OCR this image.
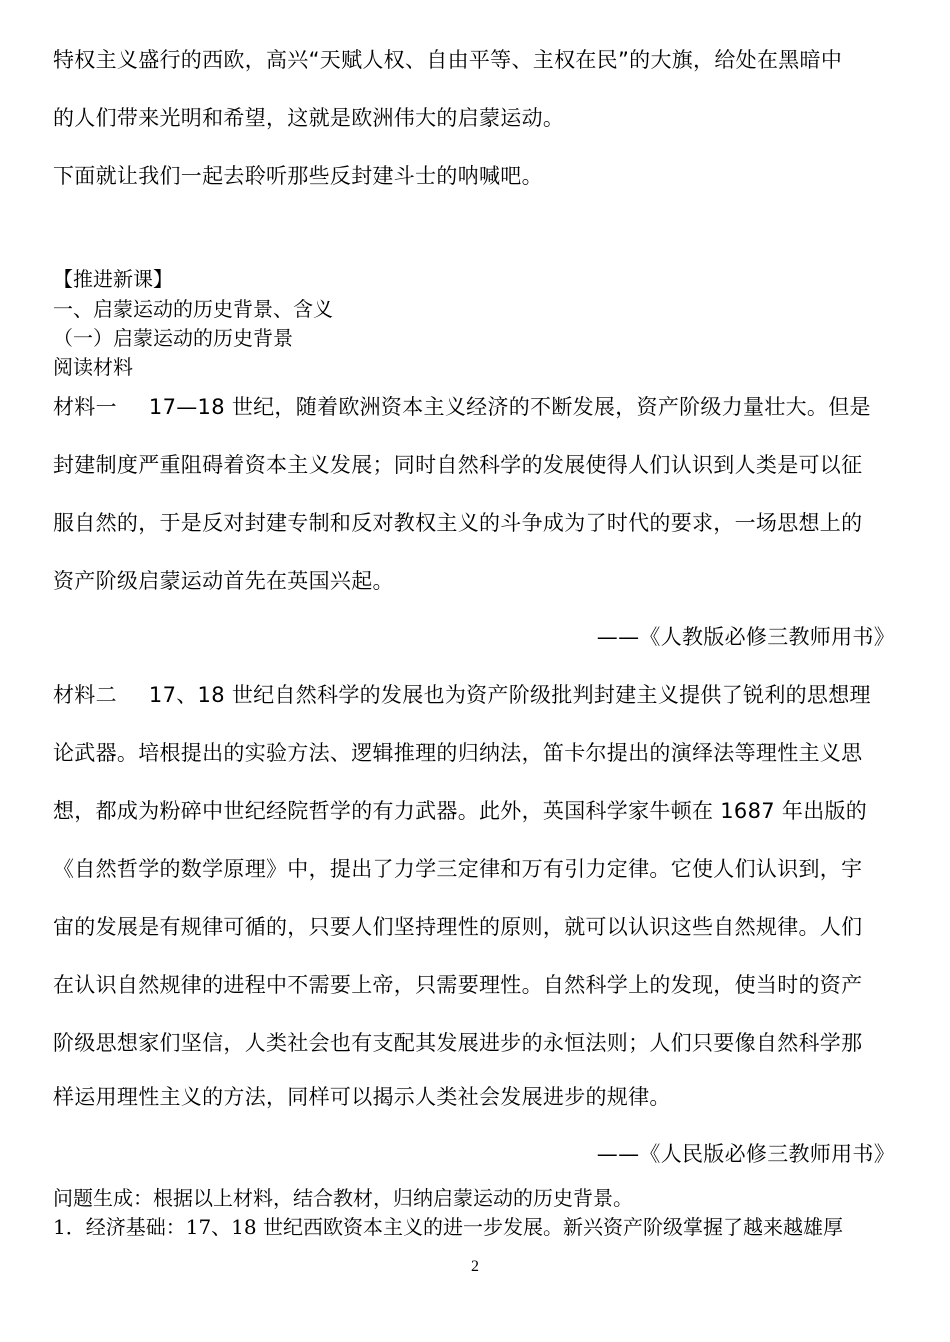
特权主义盛行的西欧，高兴“天赋人权、自由平等、主权在民”的大旗，给处在黑暗中
的人们带来光明和希望，这就是欧洲伟大的启蒙运动。
下面就让我们一起去聆听那些反封建斗士的呐喊吧。
【推进新课】
一、启蒙运动的历史背景、含义
（一）启蒙运动的历史背景
阅读材料
材料一 17—18 世纪，随着欧洲资本主义经济的不断发展，资产阶级力量壮大。但是
封建制度严重阻碍着资本主义发展；同时自然科学的发展使得人们认识到人类是可以征
服自然的，于是反对封建专制和反对教权主义的斗争成为了时代的要求，一场思想上的
资产阶级启蒙运动首先在英国兴起。
——《人教版必修三教师用书》
材料二 17、18 世纪自然科学的发展也为资产阶级批判封建主义提供了锐利的思想理
论武器。培根提出的实验方法、逻辑推理的归纳法，笛卡尔提出的演绎法等理性主义思
想，都成为粉碎中世纪经院哲学的有力武器。此外，英国科学家牛顿在 1687 年出版的
《自然哲学的数学原理》中，提出了力学三定律和万有引力定律。它使人们认识到，宇
宙的发展是有规律可循的，只要人们坚持理性的原则，就可以认识这些自然规律。人们
在认识自然规律的进程中不需要上帝，只需要理性。自然科学上的发现，使当时的资产
阶级思想家们坚信，人类社会也有支配其发展进步的永恒法则；人们只要像自然科学那
样运用理性主义的方法，同样可以揭示人类社会发展进步的规律。
——《人民版必修三教师用书》
问题生成：根据以上材料，结合教材，归纳启蒙运动的历史背景。
1．经济基础：17、18 世纪西欧资本主义的进一步发展。新兴资产阶级掌握了越来越雄厚
2
